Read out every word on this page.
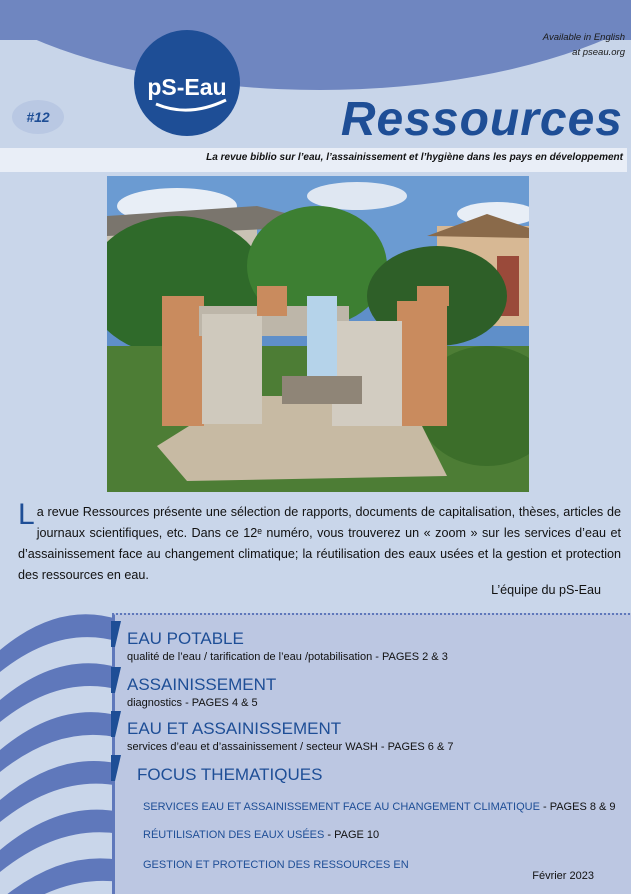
Available in English
at pseau.org
pS-Eau
#12	Ressources
La revue biblio sur l’eau, l’assainissement et l’hygiène dans les pays en développement
La revue Ressources présente une sélection de rapports, documents de capitalisation, thèses, articles de journaux scientifiques, etc. Dans ce 12ᵉ numéro, vous trouverez un « zoom » sur les services d’eau et d’assainissement face au changement climatique; la réutilisation des eaux usées et la gestion et protection des ressources en eau.
L’équipe du pS-Eau
EAU POTABLE
qualité de l’eau / tarification de l’eau /potabilisation - PAGES 2 & 3
ASSAINISSEMENT
diagnostics - PAGES 4 & 5
EAU ET ASSAINISSEMENT
services d’eau et d’assainissement / secteur WASH - PAGES 6 & 7
FOCUS THEMATIQUES
SERVICES EAU ET ASSAINISSEMENT FACE AU CHANGEMENT CLIMATIQUE - PAGES 8 & 9
RÉUTILISATION DES EAUX USÉES - PAGE 10
GESTION ET PROTECTION DES RESSOURCES EN
Février 2023
